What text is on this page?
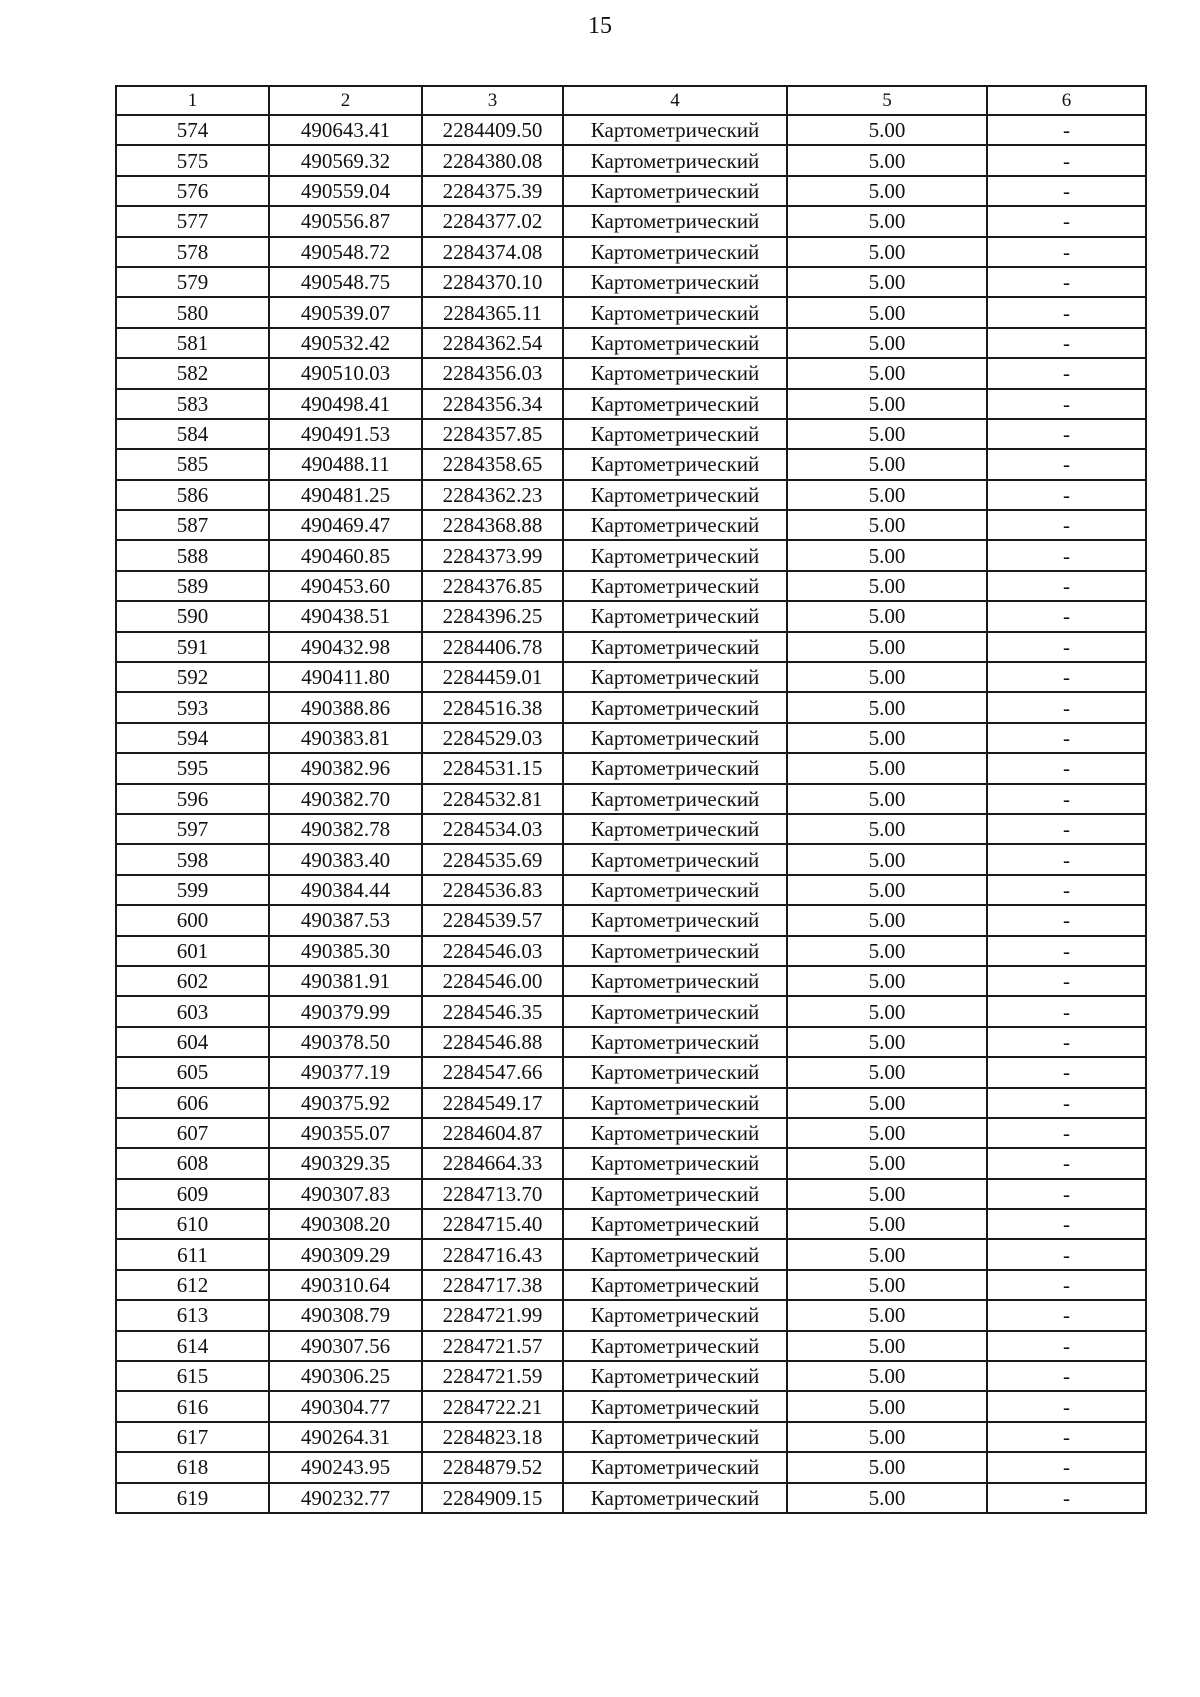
15
1	2	3	4	5	6
574	490643.41	2284409.50	Картометрический	5.00	-
575	490569.32	2284380.08	Картометрический	5.00	-
576	490559.04	2284375.39	Картометрический	5.00	-
577	490556.87	2284377.02	Картометрический	5.00	-
578	490548.72	2284374.08	Картометрический	5.00	-
579	490548.75	2284370.10	Картометрический	5.00	-
580	490539.07	2284365.11	Картометрический	5.00	-
581	490532.42	2284362.54	Картометрический	5.00	-
582	490510.03	2284356.03	Картометрический	5.00	-
583	490498.41	2284356.34	Картометрический	5.00	-
584	490491.53	2284357.85	Картометрический	5.00	-
585	490488.11	2284358.65	Картометрический	5.00	-
586	490481.25	2284362.23	Картометрический	5.00	-
587	490469.47	2284368.88	Картометрический	5.00	-
588	490460.85	2284373.99	Картометрический	5.00	-
589	490453.60	2284376.85	Картометрический	5.00	-
590	490438.51	2284396.25	Картометрический	5.00	-
591	490432.98	2284406.78	Картометрический	5.00	-
592	490411.80	2284459.01	Картометрический	5.00	-
593	490388.86	2284516.38	Картометрический	5.00	-
594	490383.81	2284529.03	Картометрический	5.00	-
595	490382.96	2284531.15	Картометрический	5.00	-
596	490382.70	2284532.81	Картометрический	5.00	-
597	490382.78	2284534.03	Картометрический	5.00	-
598	490383.40	2284535.69	Картометрический	5.00	-
599	490384.44	2284536.83	Картометрический	5.00	-
600	490387.53	2284539.57	Картометрический	5.00	-
601	490385.30	2284546.03	Картометрический	5.00	-
602	490381.91	2284546.00	Картометрический	5.00	-
603	490379.99	2284546.35	Картометрический	5.00	-
604	490378.50	2284546.88	Картометрический	5.00	-
605	490377.19	2284547.66	Картометрический	5.00	-
606	490375.92	2284549.17	Картометрический	5.00	-
607	490355.07	2284604.87	Картометрический	5.00	-
608	490329.35	2284664.33	Картометрический	5.00	-
609	490307.83	2284713.70	Картометрический	5.00	-
610	490308.20	2284715.40	Картометрический	5.00	-
611	490309.29	2284716.43	Картометрический	5.00	-
612	490310.64	2284717.38	Картометрический	5.00	-
613	490308.79	2284721.99	Картометрический	5.00	-
614	490307.56	2284721.57	Картометрический	5.00	-
615	490306.25	2284721.59	Картометрический	5.00	-
616	490304.77	2284722.21	Картометрический	5.00	-
617	490264.31	2284823.18	Картометрический	5.00	-
618	490243.95	2284879.52	Картометрический	5.00	-
619	490232.77	2284909.15	Картометрический	5.00	-
